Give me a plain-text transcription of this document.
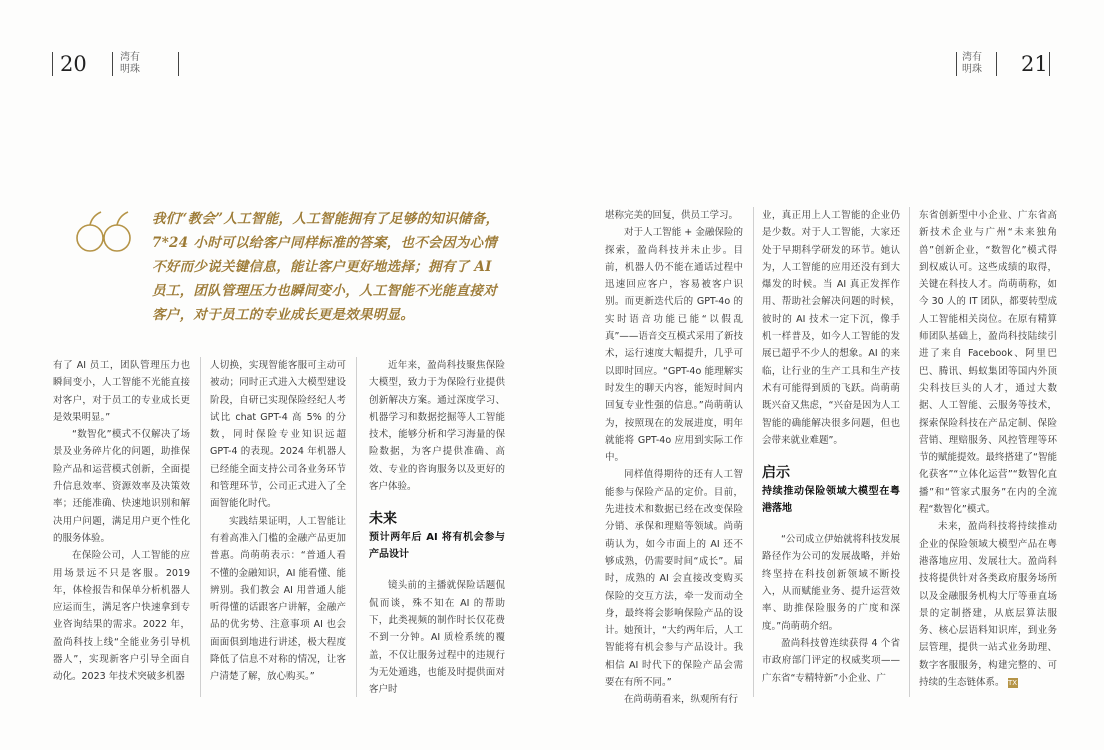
20	湾有
明珠
我们“教会”人工智能，人工智能拥有了足够的知识储备，7*24 小时可以给客户同样标准的答案，也不会因为心情不好而少说关键信息，能让客户更好地选择；拥有了 AI 员工，团队管理压力也瞬间变小，人工智能不光能直接对客户，对于员工的专业成长更是效果明显。

有了 AI 员工，团队管理压力也瞬间变小，人工智能不光能直接对客户，对于员工的专业成长更是效果明显。”

“数智化”模式不仅解决了场景及业务碎片化的问题，助推保险产品和运营模式创新，全面提升信息效率、资源效率及决策效率；还能准确、快速地识别和解决用户问题，满足用户更个性化的服务体验。

在保险公司，人工智能的应用场景远不只是客服。2019 年，体检报告和保单分析机器人应运而生，满足客户快速拿到专业咨询结果的需求。2022 年，盈尚科技上线“全能业务引导机器人”，实现新客户引导全面自动化。2023 年技术突破多机器

人切换，实现智能客服可主动可被动；同时正式进入大模型建设阶段，自研已实现保险经纪人考试比 chat GPT-4 高 5% 的分数，同时保险专业知识远超 GPT-4 的表现。2024 年机器人已经能全面支持公司各业务环节和管理环节，公司正式进入了全面智能化时代。

实践结果证明，人工智能让有着高准入门槛的金融产品更加普惠。尚萌萌表示：“普通人看不懂的金融知识，AI 能看懂、能辨别。我们教会 AI 用普通人能听得懂的话跟客户讲解，金融产品的优劣势、注意事项 AI 也会面面俱到地进行讲述，极大程度降低了信息不对称的情况，让客户清楚了解，放心购买。”

近年来，盈尚科技聚焦保险大模型，致力于为保险行业提供创新解决方案。通过深度学习、机器学习和数据挖掘等人工智能技术，能够分析和学习海量的保险数据，为客户提供准确、高效、专业的咨询服务以及更好的客户体验。

未来
预计两年后 AI 将有机会参与产品设计

镜头前的主播就保险话题侃侃而谈，殊不知在 AI 的帮助下，此类视频的制作时长仅花费不到一分钟。AI 质检系统的覆盖，不仅让服务过程中的违规行为无处遁逃，也能及时提供面对客户时

湾有
明珠 21

堪称完美的回复，供员工学习。

对于人工智能 + 金融保险的探索，盈尚科技并未止步。目前，机器人仍不能在通话过程中迅速回应客户，容易被客户识别。而更新迭代后的 GPT-4o 的实时语音功能已能“以假乱真”——语音交互模式采用了新技术，运行速度大幅提升，几乎可以即时回应。“GPT-4o 能理解实时发生的聊天内容，能短时间内回复专业性强的信息。”尚萌萌认为，按照现在的发展进度，明年就能将 GPT-4o 应用到实际工作中。

同样值得期待的还有人工智能参与保险产品的定价。目前，先进技术和数据已经在改变保险分销、承保和理赔等领域。尚萌萌认为，如今市面上的 AI 还不够成熟，仍需要时间“成长”。届时，成熟的 AI 会直接改变购买保险的交互方法，牵一发而动全身，最终将会影响保险产品的设计。她预计，“大约两年后，人工智能将有机会参与产品设计。我相信 AI 时代下的保险产品会需要在有所不同。”

在尚萌萌看来，纵观所有行

业，真正用上人工智能的企业仍是少数。对于人工智能，大家还处于早期科学研发的环节。她认为，人工智能的应用还没有到大爆发的时候。当 AI 真正发挥作用、帮助社会解决问题的时候，彼时的 AI 技术一定下沉，像手机一样普及，如今人工智能的发展已超乎不少人的想象。AI 的来临，让行业的生产工具和生产技术有可能得到质的飞跃。尚萌萌既兴奋又焦虑，“兴奋是因为人工智能的确能解决很多问题，但也会带来就业难题”。

启示
持续推动保险领域大模型在粤港落地

“公司成立伊始就将科技发展路径作为公司的发展战略，并始终坚持在科技创新领域不断投入，从而赋能业务、提升运营效率、助推保险服务的广度和深度。”尚萌萌介绍。

盈尚科技曾连续获得 4 个省市政府部门评定的权威奖项——广东省“专精特新”小企业、广

东省创新型中小企业、广东省高新技术企业与广州“未来独角兽”创新企业，“数智化”模式得到权威认可。这些成绩的取得，关键在科技人才。尚萌萌称，如今 30 人的 IT 团队，都要转型成人工智能相关岗位。在原有精算师团队基础上，盈尚科技陆续引进了来自 Facebook、阿里巴巴、腾讯、蚂蚁集团等国内外顶尖科技巨头的人才，通过大数据、人工智能、云服务等技术，探索保险科技在产品定制、保险营销、理赔服务、风控管理等环节的赋能提效。最终搭建了“智能化获客”“立体化运营”“数智化直播”和“管家式服务”在内的全流程“数智化”模式。

未来，盈尚科技将持续推动企业的保险领域大模型产品在粤港落地应用、发展壮大。盈尚科技将提供针对各类政府服务场所以及金融服务机构大厅等垂直场景的定制搭建，从底层算法服务、核心层语料知识库，到业务层管理，提供一站式业务助理、数字客服服务，构建完整的、可持续的生态链体系。 TX
